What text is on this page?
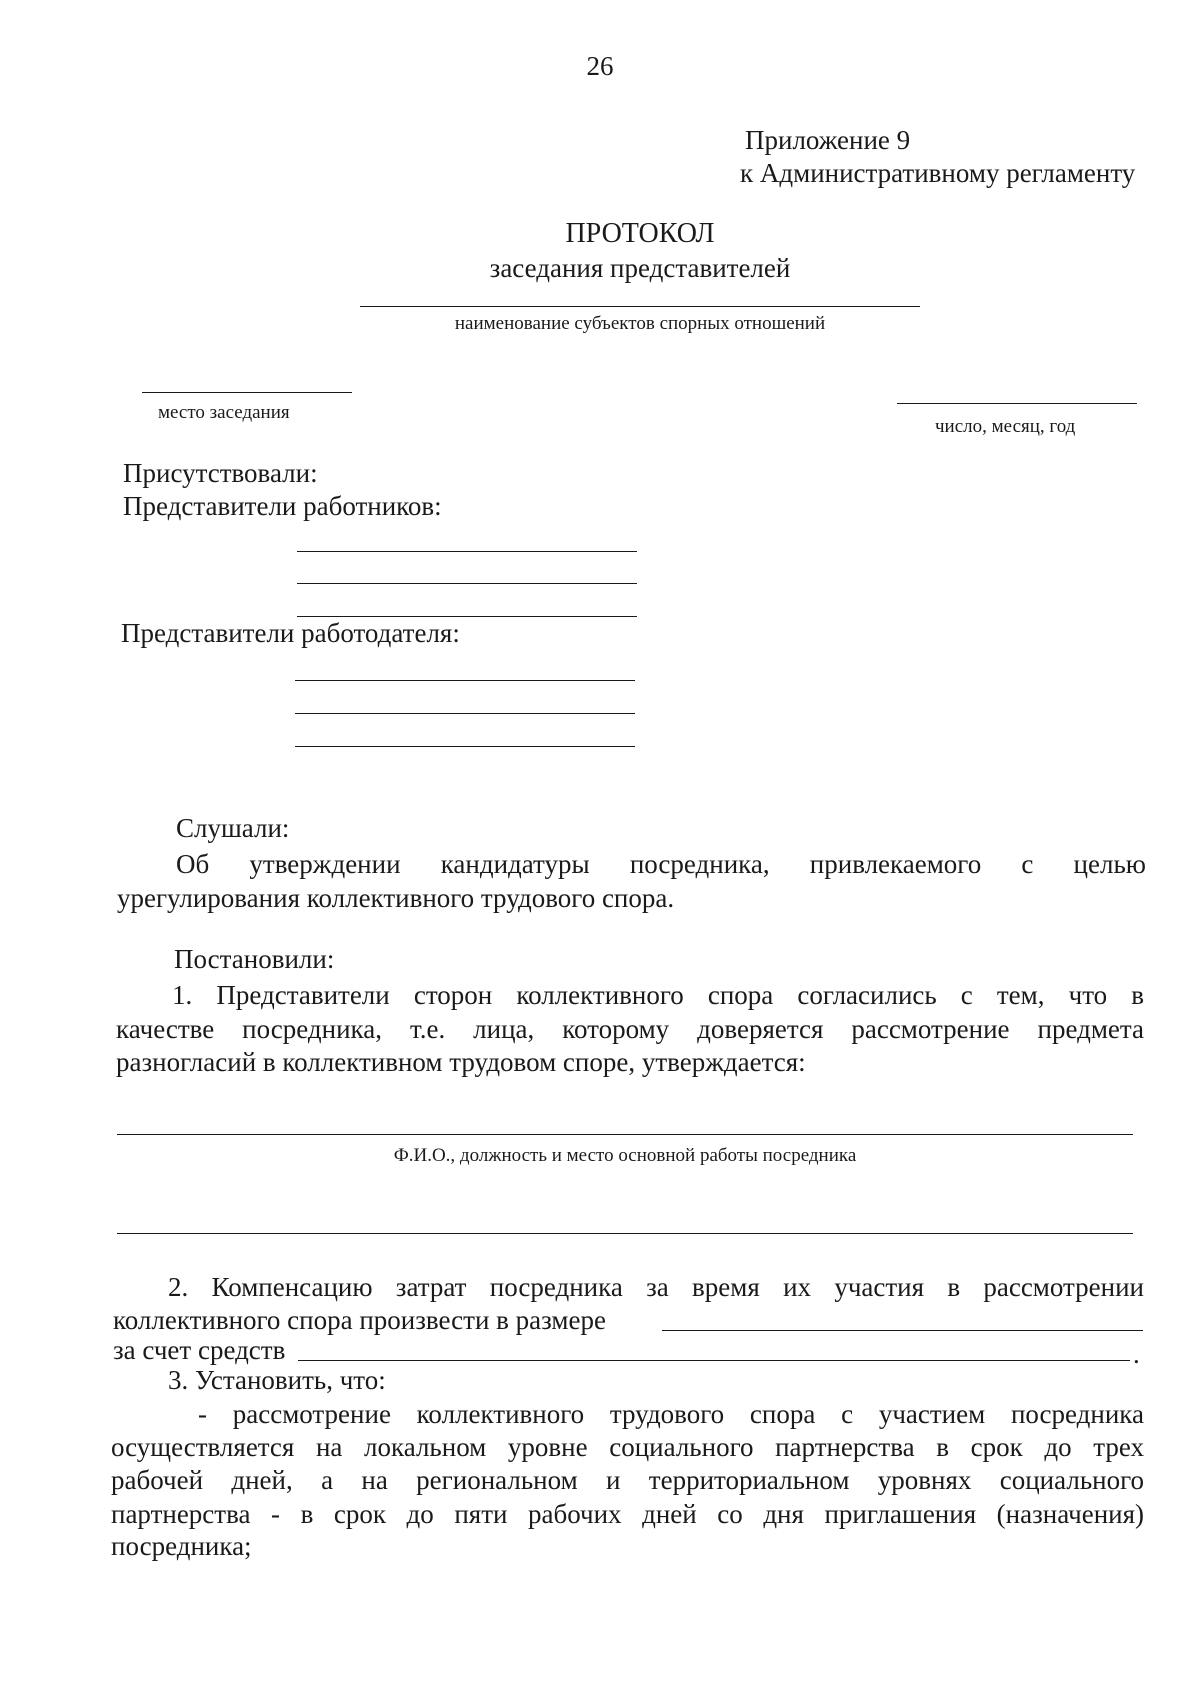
26
Приложение 9
к Административному регламенту
ПРОТОКОЛ
заседания представителей
наименование субъектов спорных отношений
место заседания
число, месяц, год
Присутствовали:
Представители работников:
Представители работодателя:
Слушали:
Об утверждении кандидатуры посредника, привлекаемого с целью
урегулирования коллективного трудового спора.
Постановили:
1. Представители сторон коллективного спора согласились с тем, что в
качестве посредника, т.е. лица, которому доверяется рассмотрение предмета
разногласий в коллективном трудовом споре, утверждается:
Ф.И.О., должность и место основной работы посредника
2. Компенсацию затрат посредника за время их участия в рассмотрении
коллективного спора произвести в размере
за счет средств	.
3. Установить, что:
- рассмотрение коллективного трудового спора с участием посредника
осуществляется на локальном уровне социального партнерства в срок до трех
рабочей дней, а на региональном и территориальном уровнях социального
партнерства - в срок до пяти рабочих дней со дня приглашения (назначения)
посредника;
